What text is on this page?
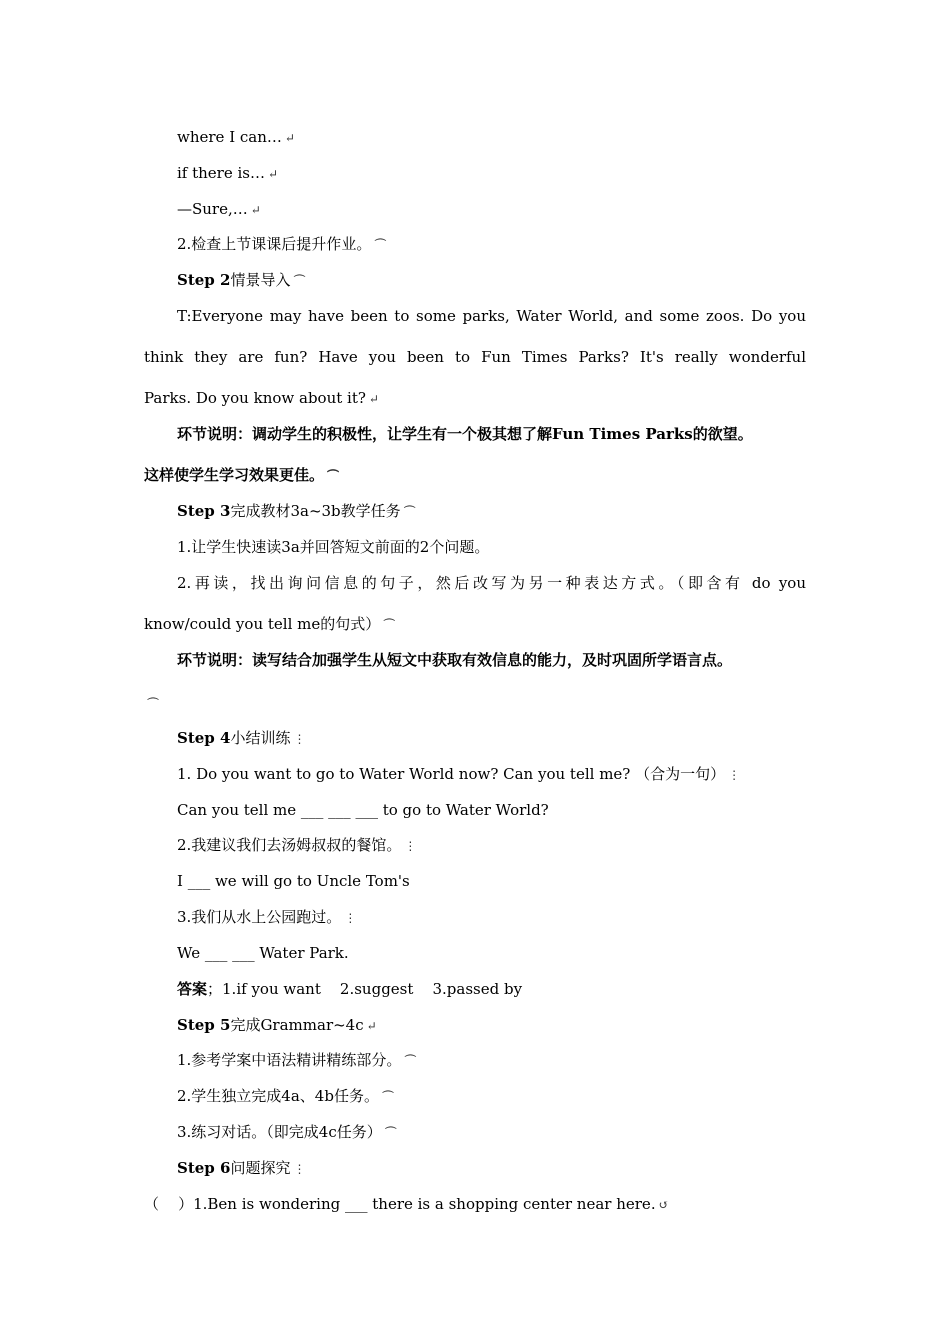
where I can… ↵
if there is… ↵
—Sure,… ↵
2.检查上节课课后提升作业。 ⏜
Step 2情景导入 ⏜
T:Everyone may have been to some parks, Water World, and some zoos. Do you
think they are fun? Have you been to Fun Times Parks? It's really wonderful
Parks. Do you know about it? ↵
环节说明：调动学生的积极性，让学生有一个极其想了解Fun Times Parks的欲望。
这样使学生学习效果更佳。 ⏜
Step 3完成教材3a~3b教学任务 ⏜
1.让学生快速读3a并回答短文前面的2个问题。
2.再读，找出询问信息的句子，然后改写为另一种表达方式。（即含有 do you
know/could you tell me的句式） ⏜
环节说明：读写结合加强学生从短文中获取有效信息的能力，及时巩固所学语言点。
⏜
Step 4小结训练 ⋮
1. Do you want to go to Water World now? Can you tell me? （合为一句） ⋮
Can you tell me ___ ___ ___ to go to Water World?
2.我建议我们去汤姆叔叔的餐馆。 ⋮
I ___ we will go to Uncle Tom's
3.我们从水上公园跑过。 ⋮
We ___ ___ Water Park.
答案；1.if you want    2.suggest    3.passed by
Step 5完成Grammar~4c ↵
1.参考学案中语法精讲精练部分。 ⏜
2.学生独立完成4a、4b任务。 ⏜
3.练习对话。（即完成4c任务） ⏜
Step 6问题探究 ⋮
（    ）1.Ben is wondering ___ there is a shopping center near here. ↺
